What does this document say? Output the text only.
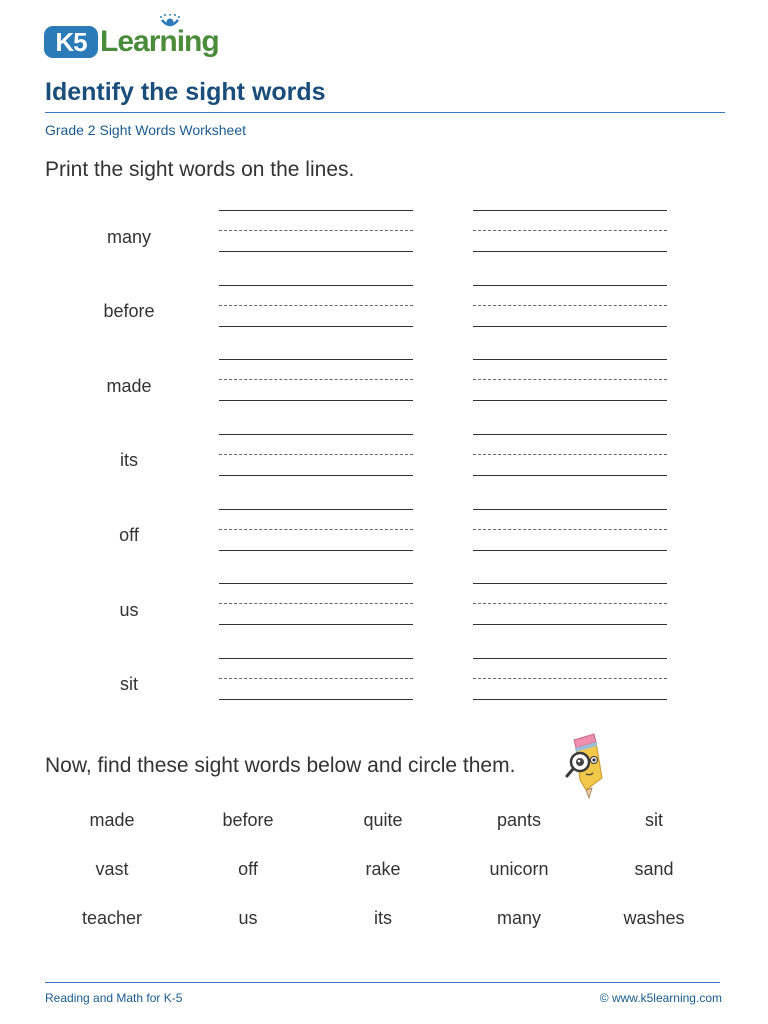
K5 Learning
Identify the sight words
Grade 2 Sight Words Worksheet
Print the sight words on the lines.
many
before
made
its
off
us
sit
Now, find these sight words below and circle them.
made	before	quite	pants	sit
vast	off	rake	unicorn	sand
teacher	us	its	many	washes
Reading and Math for K-5	© www.k5learning.com
